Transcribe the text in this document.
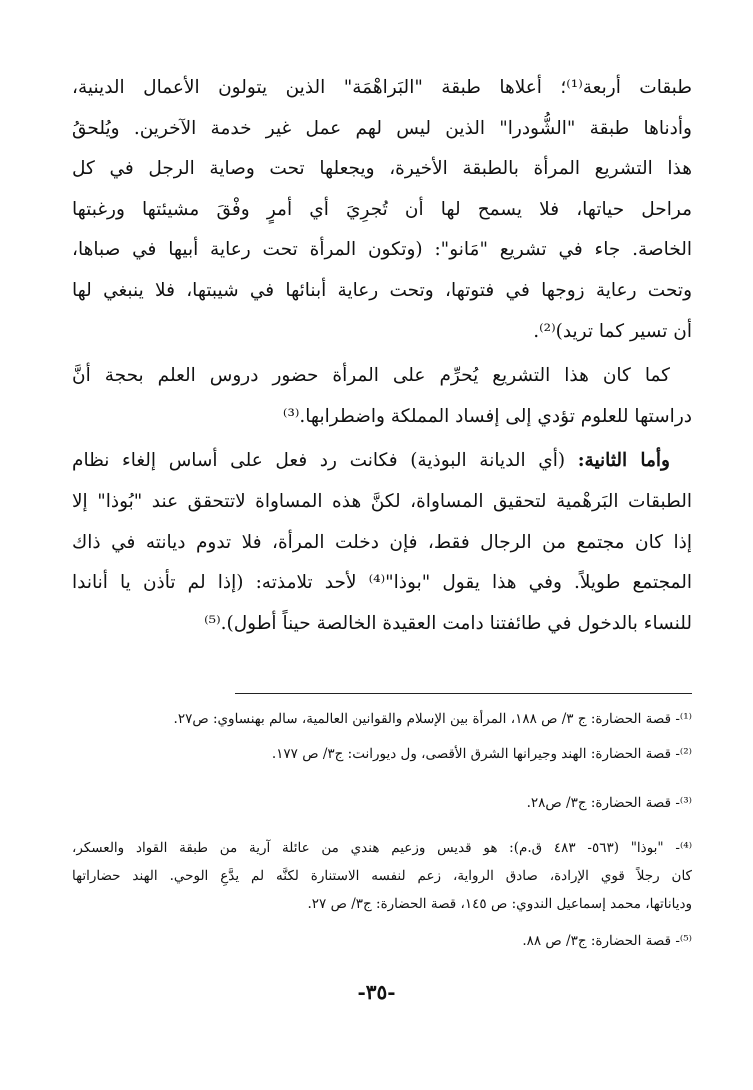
طبقات أربعة⁽¹⁾؛ أعلاها طبقة "البَراهْمَة" الذين يتولون الأعمال الدينية،
وأدناها طبقة "الشُّودرا" الذين ليس لهم عمل غير خدمة الآخرين. ويُلحقُ
هذا التشريع المرأة بالطبقة الأخيرة، ويجعلها تحت وصاية الرجل في كل
مراحل حياتها، فلا يسمح لها أن تُجرِيَ أي أمرٍ وفْقَ مشيئتها ورغبتها
الخاصة. جاء في تشريع "مَانو": (وتكون المرأة تحت رعاية أبيها في صباها،
وتحت رعاية زوجها في فتوتها، وتحت رعاية أبنائها في شيبتها، فلا ينبغي لها
أن تسير كما تريد)⁽²⁾.

كما كان هذا التشريع يُحرِّم على المرأة حضور دروس العلم بحجة أنَّ
دراستها للعلوم تؤدي إلى إفساد المملكة واضطرابها.⁽³⁾

وأما الثانية: (أي الديانة البوذية) فكانت رد فعل على أساس إلغاء نظام
الطبقات البَرهْمية لتحقيق المساواة، لكنَّ هذه المساواة لاتتحقق عند "بُوذا" إلا
إذا كان مجتمع من الرجال فقط، فإن دخلت المرأة، فلا تدوم ديانته في ذاك
المجتمع طويلاً. وفي هذا يقول "بوذا"⁽⁴⁾ لأحد تلامذته: (إذا لم تأذن يا أناندا
للنساء بالدخول في طائفتنا دامت العقيدة الخالصة حيناً أطول).⁽⁵⁾

⁽¹⁾- قصة الحضارة: ج ٣/ ص ١٨٨، المرأة بين الإسلام والقوانين العالمية، سالم بهنساوي: ص٢٧.
⁽²⁾- قصة الحضارة: الهند وجيرانها الشرق الأقصى، ول ديورانت: ج٣/ ص ١٧٧.
⁽³⁾- قصة الحضارة: ج٣/ ص٢٨.
⁽⁴⁾- "بوذا" (٥٦٣- ٤٨٣ ق.م): هو قديس وزعيم هندي من عائلة آرية من طبقة القواد والعسكر،
كان رجلاً قوي الإرادة، صادق الرواية، زعم لنفسه الاستنارة لكنَّه لم يدَّعِ الوحي. الهند حضاراتها
ودياناتها، محمد إسماعيل الندوي: ص ١٤٥، قصة الحضارة: ج٣/ ص ٢٧.
⁽⁵⁾- قصة الحضارة: ج٣/ ص ٨٨.
-٣٥-
